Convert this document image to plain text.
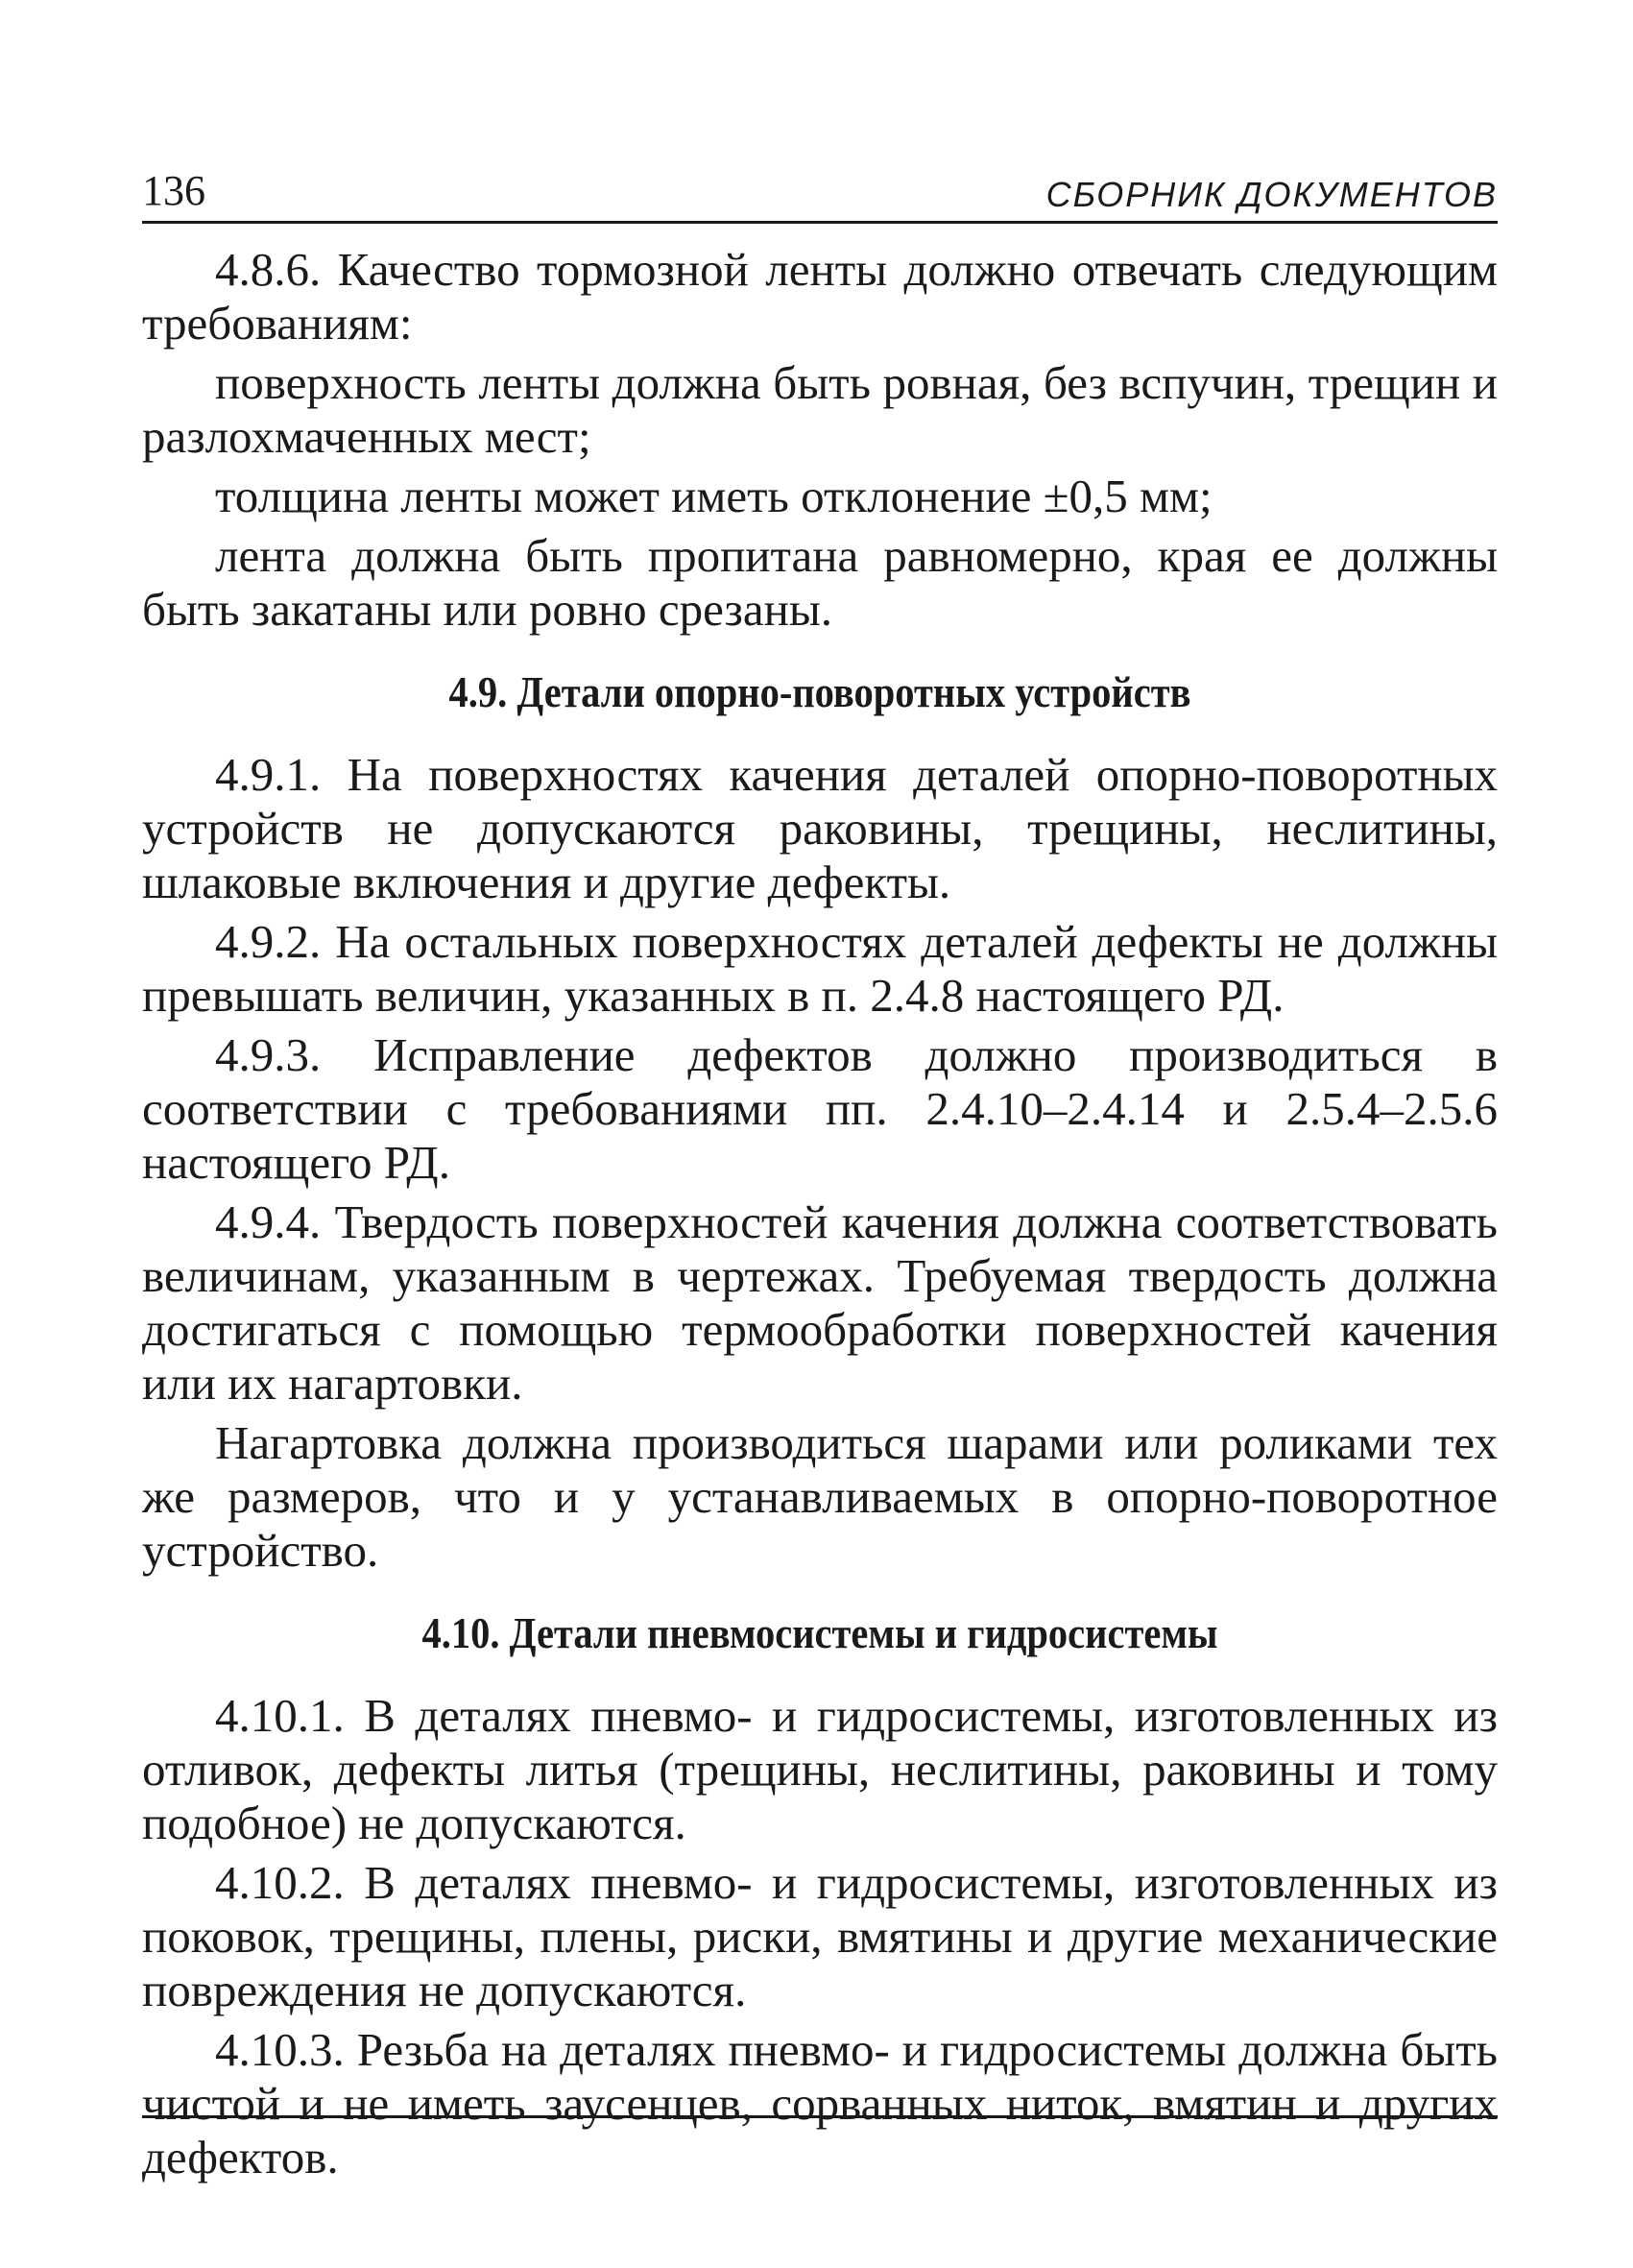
136	СБОРНИК ДОКУМЕНТОВ

4.8.6. Качество тормозной ленты должно отвечать следующим требованиям:

поверхность ленты должна быть ровная, без вспучин, трещин и разлохмаченных мест;

толщина ленты может иметь отклонение ±0,5 мм;

лента должна быть пропитана равномерно, края ее должны быть закатаны или ровно срезаны.

4.9. Детали опорно-поворотных устройств

4.9.1. На поверхностях качения деталей опорно-поворотных устройств не допускаются раковины, трещины, неслитины, шлаковые включения и другие дефекты.

4.9.2. На остальных поверхностях деталей дефекты не должны превышать величин, указанных в п. 2.4.8 настоящего РД.

4.9.3. Исправление дефектов должно производиться в соответствии с требованиями пп. 2.4.10–2.4.14 и 2.5.4–2.5.6 настоящего РД.

4.9.4. Твердость поверхностей качения должна соответствовать величинам, указанным в чертежах. Требуемая твердость должна достигаться с помощью термообработки поверхностей качения или их нагартовки.

Нагартовка должна производиться шарами или роликами тех же размеров, что и у устанавливаемых в опорно-поворотное устройство.

4.10. Детали пневмосистемы и гидросистемы

4.10.1. В деталях пневмо- и гидросистемы, изготовленных из отливок, дефекты литья (трещины, неслитины, раковины и тому подобное) не допускаются.

4.10.2. В деталях пневмо- и гидросистемы, изготовленных из поковок, трещины, плены, риски, вмятины и другие механические повреждения не допускаются.

4.10.3. Резьба на деталях пневмо- и гидросистемы должна быть чистой и не иметь заусенцев, сорванных ниток, вмятин и других дефектов.
